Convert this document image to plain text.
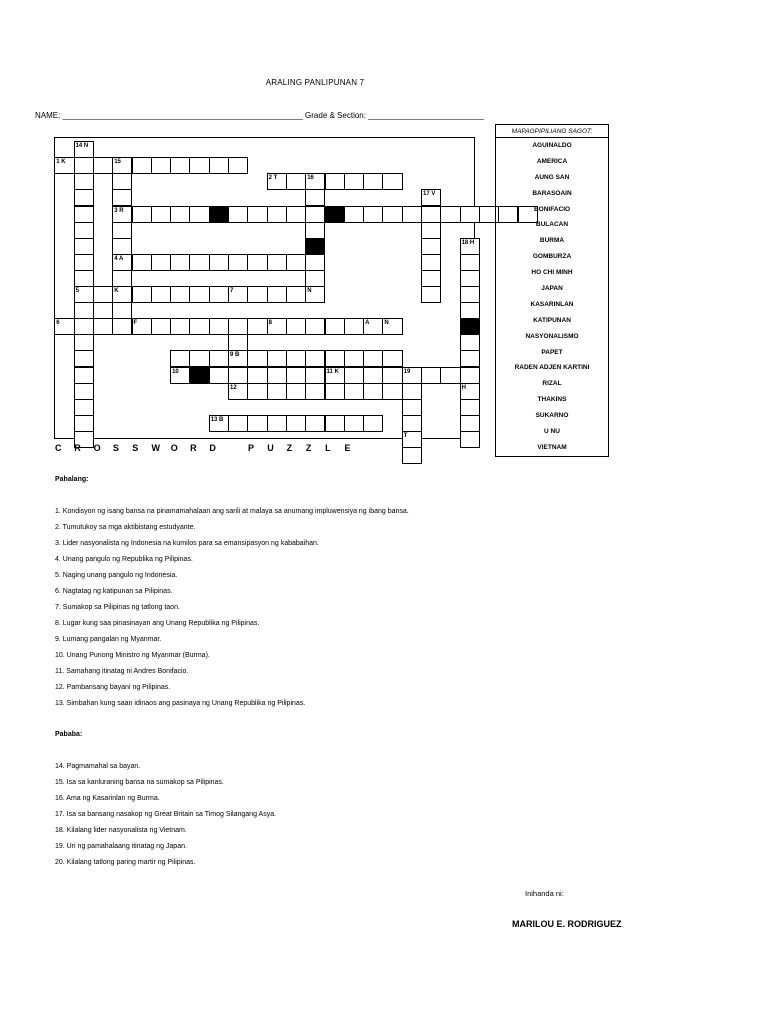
ARALING PANLIPUNAN 7
NAME: ______________________________________________________ Grade & Section: __________________________
1 K	15
2 T	16
3 R	K
4 A
5	K	7	N
6	F	8	A N
9 B
10	11 K	19
12
13 B
14 N
17 V
18 H
H
T
C R O S S W O R D	P U Z Z L E
MAPAGPIPILIANG SAGOT:
AGUINALDO
AMERICA
AUNG SAN
BARASOAIN
BONIFACIO
BULACAN
BURMA
GOMBURZA
HO CHI MINH
JAPAN
KASARINLAN
KATIPUNAN
NASYONALISMO
PAPET
RADEN ADJEN KARTINI
RIZAL
THAKINS
SUKARNO
U NU
VIETNAM
Pahalang:
1. Kondisyon ng isang bansa na pinamamahalaan ang sarili at malaya sa anumang impluwensiya ng ibang bansa.
2. Tumutukoy sa mga aktibistang estudyante.
3. Lider nasyonalista ng Indonesia na kumilos para sa emansipasyon ng kababaihan.
4. Unang pangulo ng Republika ng Pilipinas.
5. Naging unang pangulo ng Indonesia.
6. Nagtatag ng katipunan sa Pilipinas.
7. Sumakop sa Pilipinas ng tatlong taon.
8. Lugar kung saa pinasinayan ang Unang Republika ng Pilipinas.
9. Lumang pangalan ng Myanmar.
10. Unang Punong Ministro ng Myanmar (Burma).
11. Samahang itinatag ni Andres Bonifacio.
12. Pambansang bayani ng Pilipinas.
13. Simbahan kung saan idinaos ang pasinaya ng Unang Republika ng Pilipinas.
Pababa:
14. Pagmamahal sa bayan.
15. Isa sa kanluraning bansa na sumakop sa Pilipinas.
16. Ama ng Kasarinlan ng Burma.
17. Isa sa bansang nasakop ng Great Britain sa Timog Silangang Asya.
18. Kilalang lider nasyonalista ng Vietnam.
19. Uri ng pamahalaang itinatag ng Japan.
20. Kilalang tatlong paring martir ng Pilipinas.
Inihanda ni:
MARILOU E. RODRIGUEZ
